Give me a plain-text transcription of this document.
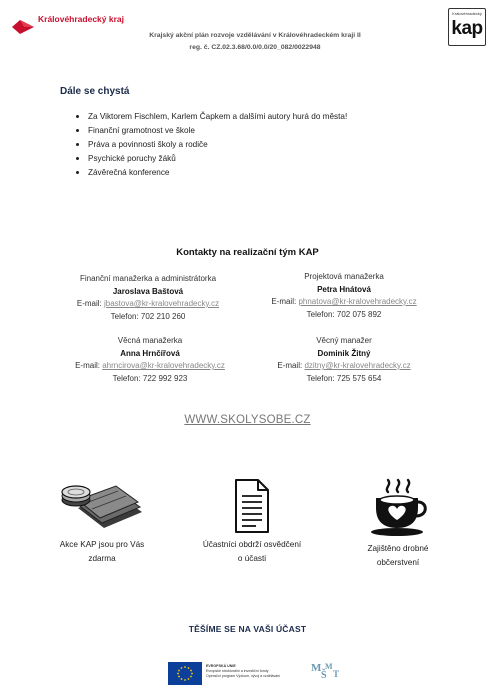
Královéhradecký kraj
Krajský akční plán rozvoje vzdělávání v Královéhradeckém kraji II
reg. č. CZ.02.3.68/0.0/0.0/20_082/0022948
Královéhradecký
kap
Dále se chystá
Za Viktorem Fischlem, Karlem Čapkem a dalšími autory hurá do města!
Finanční gramotnost ve škole
Práva a povinnosti školy a rodiče
Psychické poruchy žáků
Závěrečná konference
Kontakty na realizační tým KAP
Finanční manažerka a administrátorka
Jaroslava Baštová
E-mail: jbastova@kr-kralovehradecky.cz
Telefon: 702 210 260
Projektová manažerka
Petra Hnátová
E-mail: phnatova@kr-kralovehradecky.cz
Telefon: 702 075 892
Věcná manažerka
Anna Hrnčířová
E-mail: ahrncirova@kr-kralovehradecky.cz
Telefon: 722 992 923
Věcný manažer
Dominik Žitný
E-mail: dzitny@kr-kralovehradecky.cz
Telefon: 725 575 654
WWW.SKOLYSOBE.CZ
Akce KAP jsou pro Vás
zdarma
Účastníci obdrží osvědčení
o účasti
Zajištěno drobné
občerstvení
TĚŠÍME SE NA VAŠI ÚČAST
EVROPSKÁ UNIE
Evropské strukturální a investiční fondy
Operační program Výzkum, vývoj a vzdělávání
M
Š
M
T
